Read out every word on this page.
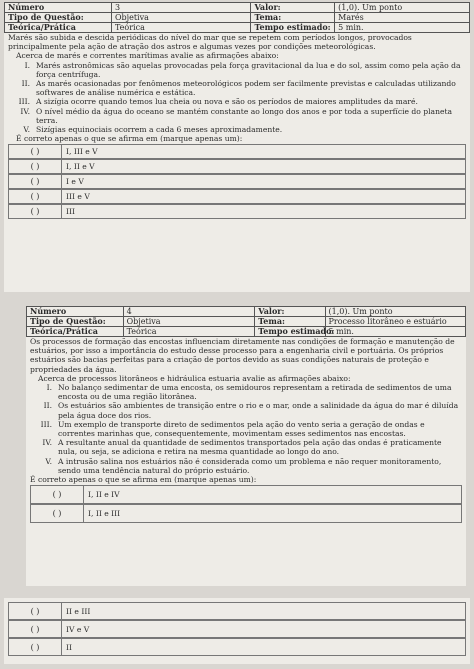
Número	3	Valor:	(1,0). Um ponto
Tipo de Questão:	Objetiva	Tema:	Marés
Teórica/Prática	Teórica	Tempo estimado:	5 min.

Marés são subida e descida periódicas do nível do mar que se repetem com períodos longos, provocados principalmente pela ação de atração dos astros e algumas vezes por condições meteorológicas.

Acerca de marés e correntes marítimas avalie as afirmações abaixo:

I. Marés astronômicas são aquelas provocadas pela força gravitacional da lua e do sol, assim como pela ação da força centrífuga.
II. As marés ocasionadas por fenômenos meteorológicos podem ser facilmente previstas e calculadas utilizando softwares de análise numérica e estática.
III. A sizígia ocorre quando temos lua cheia ou nova e são os períodos de maiores amplitudes da maré.
IV. O nível médio da água do oceano se mantém constante ao longo dos anos e por toda a superfície do planeta terra.
V. Sizígias equinociais ocorrem a cada 6 meses aproximadamente.

É correto apenas o que se afirma em (marque apenas um):

( )	I, III e V
( )	I, II e V
( )	I e V
( )	III e V
( )	III
Número	4	Valor:	(1,0). Um ponto
Tipo de Questão:	Objetiva	Tema:	Processo litorâneo e estuário
Teórica/Prática	Teórica	Tempo estimado:	5 min.

Os processos de formação das encostas influenciam diretamente nas condições de formação e manutenção de estuários, por isso a importância do estudo desse processo para a engenharia civil e portuária. Os próprios estuários são bacias perfeitas para a criação de portos devido as suas condições naturais de proteção e propriedades da água.

Acerca de processos litorâneos e hidráulica estuaria avalie as afirmações abaixo:

I. No balanço sedimentar de uma encosta, os semidouros representam a retirada de sedimentos de uma encosta ou de uma região litorânea.
II. Os estuários são ambientes de transição entre o rio e o mar, onde a salinidade da água do mar é diluída pela água doce dos rios.
III. Um exemplo de transporte direto de sedimentos pela ação do vento seria a geração de ondas e correntes marinhas que, consequentemente, movimentam esses sedimentos nas encostas.
IV. A resultante anual da quantidade de sedimentos transportados pela ação das ondas é praticamente nula, ou seja, se adiciona e retira na mesma quantidade ao longo do ano.
V. A intrusão salina nos estuários não é considerada como um problema e não requer monitoramento, sendo uma tendência natural do próprio estuário.

É correto apenas o que se afirma em (marque apenas um):

( )	I, II e IV
( )	I, II e III
( )	II e III
( )	IV e V
( )	II
